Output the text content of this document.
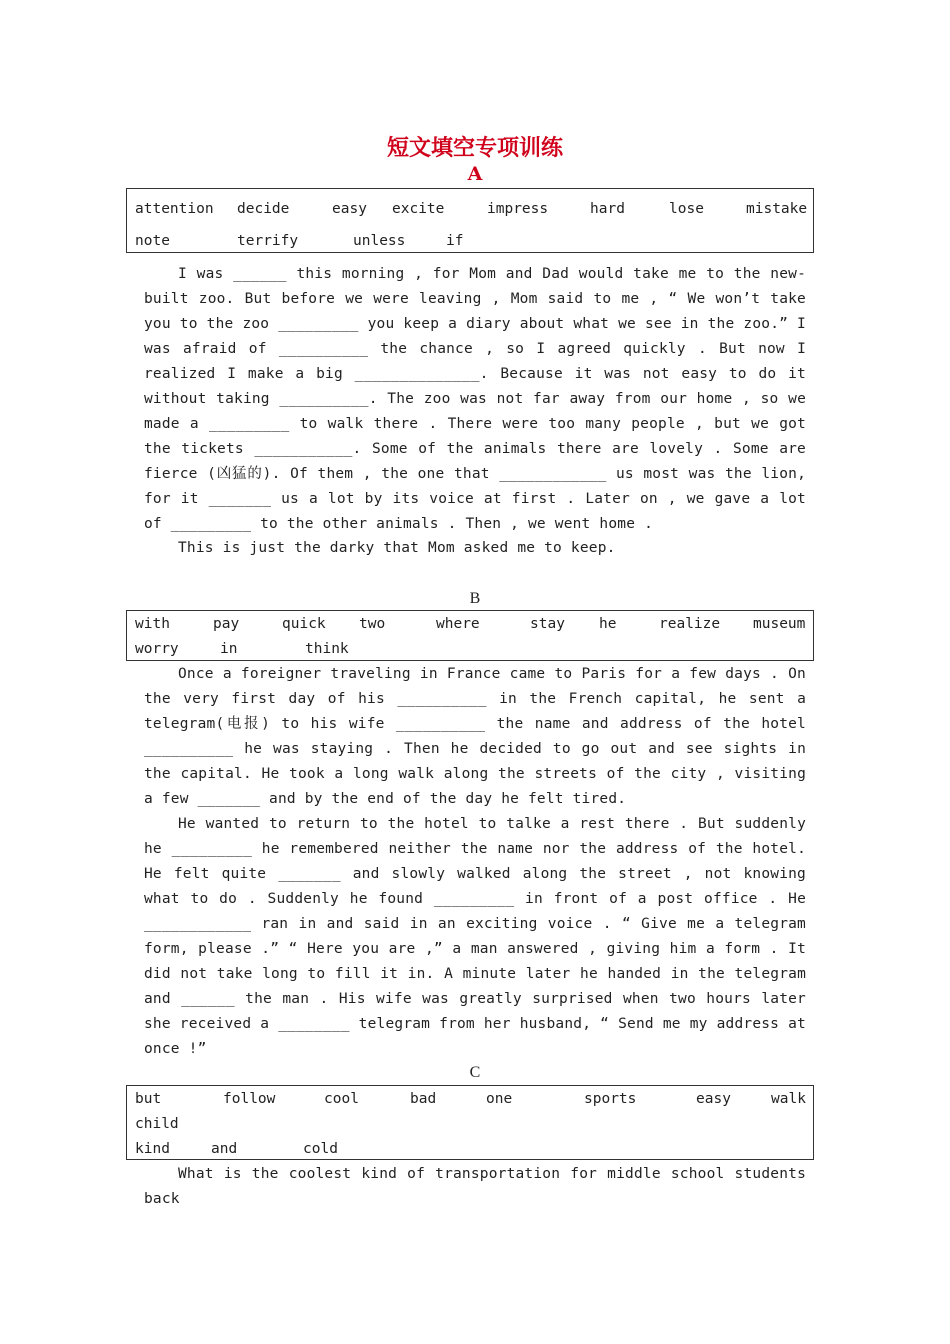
短文填空专项训练
A
attention decide	easy excite	impress	hard	lose	mistake
note	terrify	unless	if

I was ______ this morning , for Mom and Dad would take me to the new-built zoo. But before we were leaving , Mom said to me , “ We won’t take you to the zoo _________ you keep a diary about what we see in the zoo.” I was afraid of __________ the chance , so I agreed quickly . But now I realized I make a big ______________. Because it was not easy to do it without taking __________. The zoo was not far away from our home , so we made a _________ to walk there . There were too many people , but we got the tickets ___________. Some of the animals there are lovely . Some are fierce (凶猛的). Of them , the one that ____________ us most was the lion, for it _______ us a lot by its voice at first . Later on , we gave a lot of _________ to the other animals . Then , we went home .

This is just the darky that Mom asked me to keep.

B
with	pay	quick two	where	stay he	realize museum
worry	in	think

Once a foreigner traveling in France came to Paris for a few days . On the very first day of his __________ in the French capital, he sent a telegram(电报) to his wife __________ the name and address of the hotel __________ he was staying . Then he decided to go out and see sights in the capital. He took a long walk along the streets of the city , visiting a few _______ and by the end of the day he felt tired.

He wanted to return to the hotel to talke a rest there . But suddenly he _________ he remembered neither the name nor the address of the hotel. He felt quite _______ and slowly walked along the street , not knowing what to do . Suddenly he found _________ in front of a post office . He ____________ ran in and said in an exciting voice . “ Give me a telegram form, please .” “ Here you are ,” a man answered , giving him a form . It did not take long to fill it in. A minute later he handed in the telegram and ______ the man . His wife was greatly surprised when two hours later she received a ________ telegram from her husband, “ Send me my address at once !”

C
but	follow	cool	bad	one	sports	easy	walk
child
kind	and	cold

What is the coolest kind of transportation for middle school students back
